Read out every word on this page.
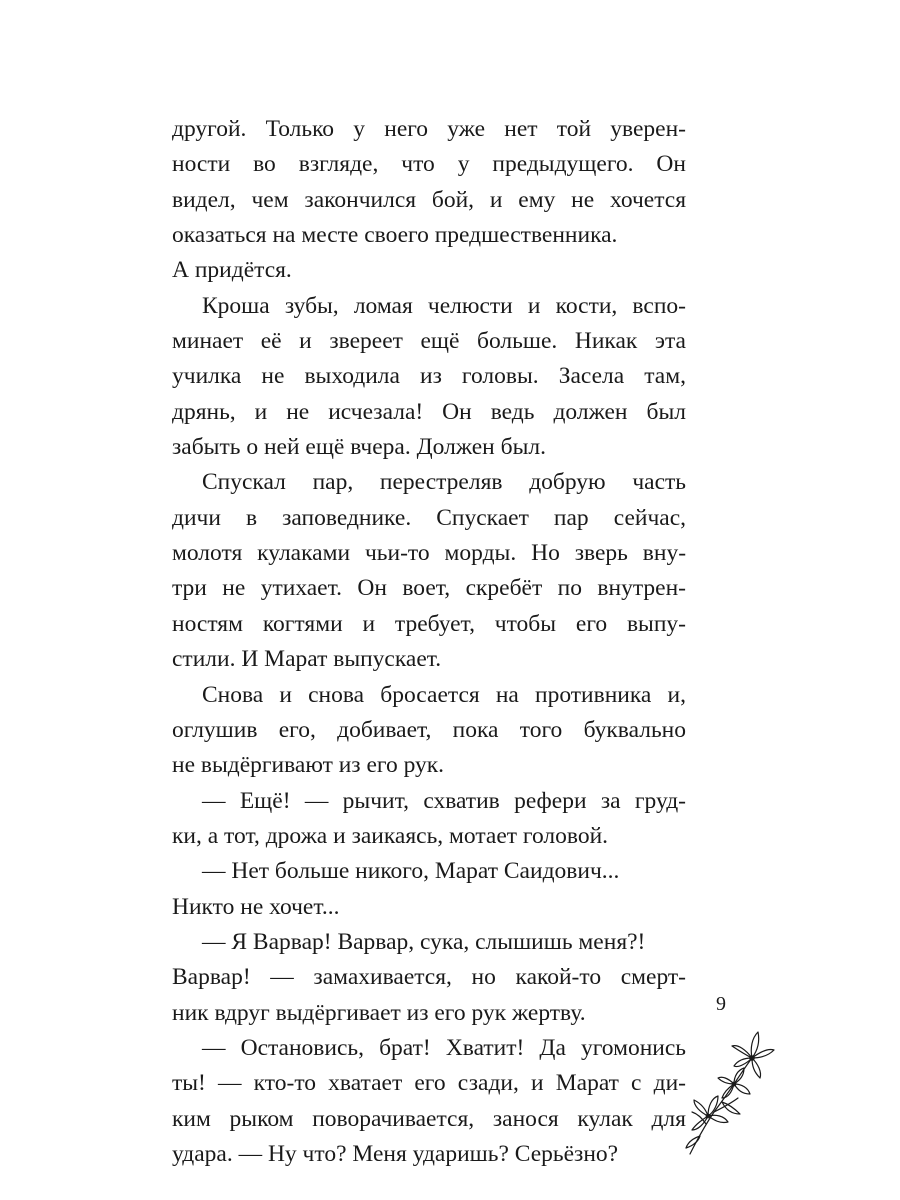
другой. Только у него уже нет той уверен-
ности во взгляде, что у предыдущего. Он
видел, чем закончился бой, и ему не хочется
оказаться на месте своего предшественника.
А придётся.
Кроша зубы, ломая челюсти и кости, вспо-
минает её и звереет ещё больше. Никак эта
училка не выходила из головы. Засела там,
дрянь, и не исчезала! Он ведь должен был
забыть о ней ещё вчера. Должен был.
Спускал пар, перестреляв добрую часть
дичи в заповеднике. Спускает пар сейчас,
молотя кулаками чьи-то морды. Но зверь вну-
три не утихает. Он воет, скребёт по внутрен-
ностям когтями и требует, чтобы его выпу-
стили. И Марат выпускает.
Снова и снова бросается на противника и,
оглушив его, добивает, пока того буквально
не выдёргивают из его рук.
— Ещё! — рычит, схватив рефери за груд-
ки, а тот, дрожа и заикаясь, мотает головой.
— Нет больше никого, Марат Саидович...
Никто не хочет...
— Я Варвар! Варвар, сука, слышишь меня?!
Варвар! — замахивается, но какой-то смерт-
ник вдруг выдёргивает из его рук жертву.
— Остановись, брат! Хватит! Да угомонись
ты! — кто-то хватает его сзади, и Марат с ди-
ким рыком поворачивается, занося кулак для
удара. — Ну что? Меня ударишь? Серьёзно?
9
